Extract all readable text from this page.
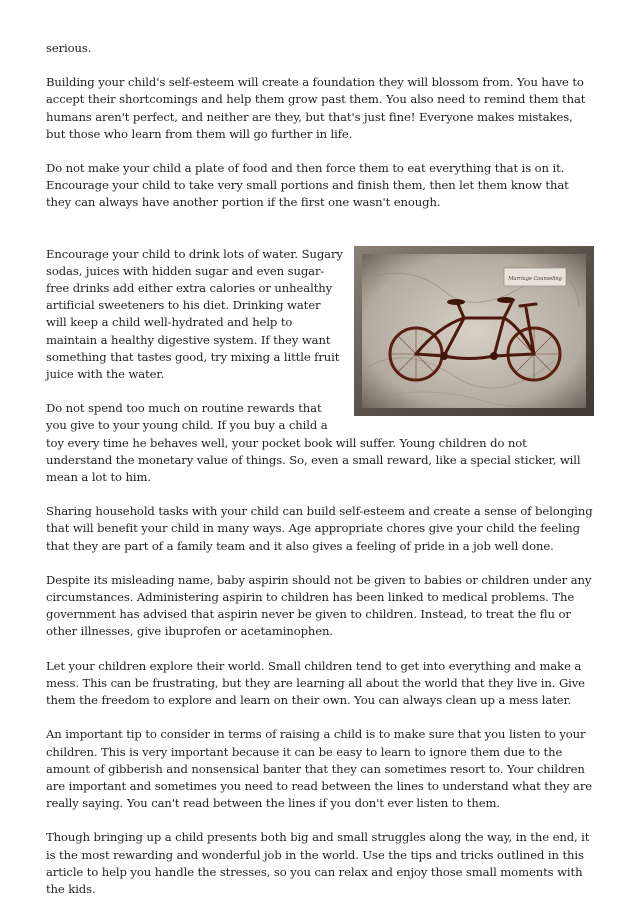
serious.

Building your child's self-esteem will create a foundation they will blossom from. You have to accept their shortcomings and help them grow past them. You also need to remind them that humans aren't perfect, and neither are they, but that's just fine! Everyone makes mistakes, but those who learn from them will go further in life.

Do not make your child a plate of food and then force them to eat everything that is on it. Encourage your child to take very small portions and finish them, then let them know that they can always have another portion if the first one wasn't enough.

Marriage Counseling

Encourage your child to drink lots of water. Sugary sodas, juices with hidden sugar and even sugar-free drinks add either extra calories or unhealthy artificial sweeteners to his diet. Drinking water will keep a child well-hydrated and help to maintain a healthy digestive system. If they want something that tastes good, try mixing a little fruit juice with the water.

Do not spend too much on routine rewards that you give to your young child. If you buy a child a toy every time he behaves well, your pocket book will suffer. Young children do not understand the monetary value of things. So, even a small reward, like a special sticker, will mean a lot to him.

Sharing household tasks with your child can build self-esteem and create a sense of belonging that will benefit your child in many ways. Age appropriate chores give your child the feeling that they are part of a family team and it also gives a feeling of pride in a job well done.

Despite its misleading name, baby aspirin should not be given to babies or children under any circumstances. Administering aspirin to children has been linked to medical problems. The government has advised that aspirin never be given to children. Instead, to treat the flu or other illnesses, give ibuprofen or acetaminophen.

Let your children explore their world. Small children tend to get into everything and make a mess. This can be frustrating, but they are learning all about the world that they live in. Give them the freedom to explore and learn on their own. You can always clean up a mess later.

An important tip to consider in terms of raising a child is to make sure that you listen to your children. This is very important because it can be easy to learn to ignore them due to the amount of gibberish and nonsensical banter that they can sometimes resort to. Your children are important and sometimes you need to read between the lines to understand what they are really saying. You can't read between the lines if you don't ever listen to them.

Though bringing up a child presents both big and small struggles along the way, in the end, it is the most rewarding and wonderful job in the world. Use the tips and tricks outlined in this article to help you handle the stresses, so you can relax and enjoy those small moments with the kids.
